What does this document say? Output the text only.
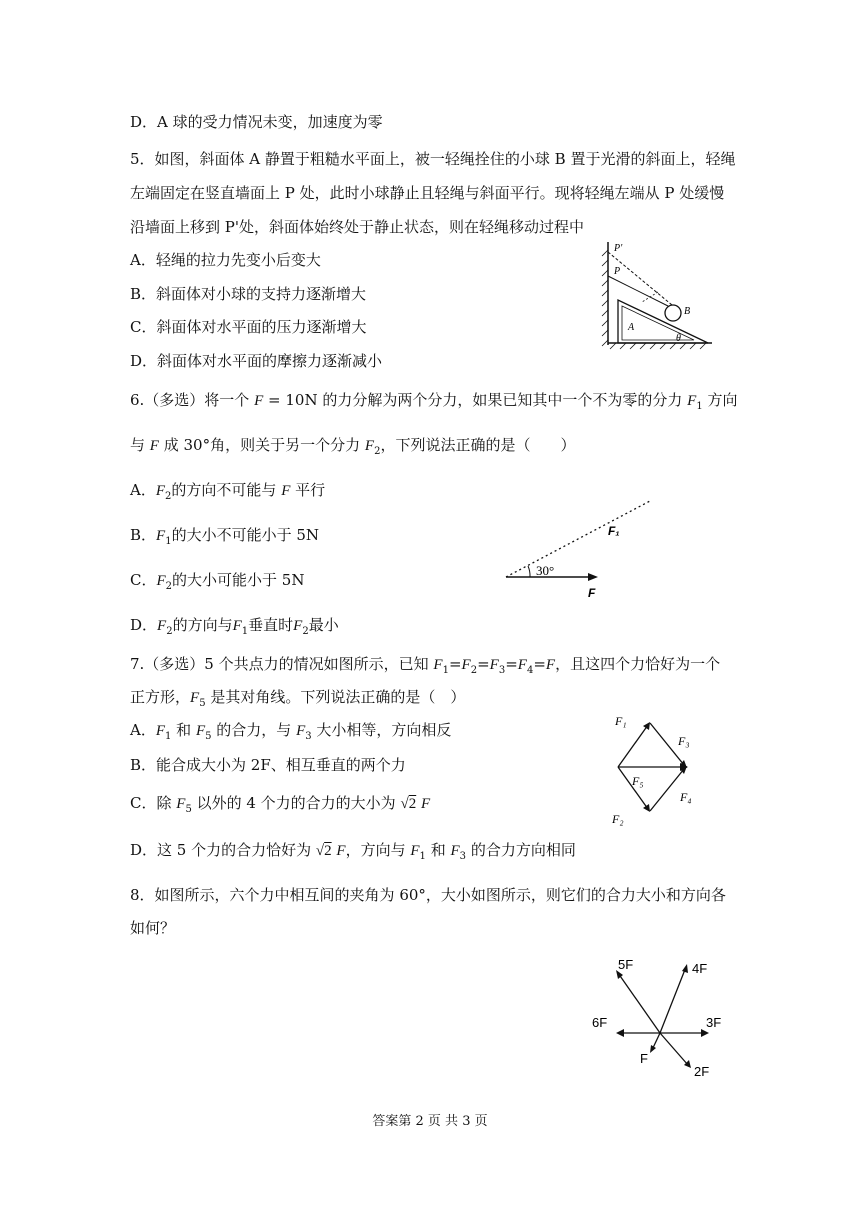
D．A 球的受力情况未变，加速度为零
5．如图，斜面体 A 静置于粗糙水平面上，被一轻绳拴住的小球 B 置于光滑的斜面上，轻绳
左端固定在竖直墙面上 P 处，此时小球静止且轻绳与斜面平行。现将轻绳左端从 P 处缓慢
沿墙面上移到 P'处，斜面体始终处于静止状态，则在轻绳移动过程中
A．轻绳的拉力先变小后变大
B．斜面体对小球的支持力逐渐增大
C．斜面体对水平面的压力逐渐增大
D．斜面体对水平面的摩擦力逐渐减小
P'
P
A
B
θ
6.（多选）将一个 F = 10N 的力分解为两个分力，如果已知其中一个不为零的分力 $F_1$ 方向
与 F 成 30°角，则关于另一个分力 $F_2$，下列说法正确的是（　　）
A．$F_2$的方向不可能与 F 平行
B．$F_1$的大小不可能小于 5N
C．$F_2$的大小可能小于 5N
D．$F_2$的方向与$F_1$垂直时$F_2$最小
30°
F
F₁
7.（多选）5 个共点力的情况如图所示，已知 $F_1=F_2=F_3=F_4=F$，且这四个力恰好为一个
正方形，$F_5$ 是其对角线。下列说法正确的是（　）
A．$F_1$ 和 $F_5$ 的合力，与 $F_3$ 大小相等，方向相反
B．能合成大小为 2F、相互垂直的两个力
C．除 $F_5$ 以外的 4 个力的合力的大小为 √2 F
D．这 5 个力的合力恰好为 √2 F，方向与 $F_1$ 和 $F_3$ 的合力方向相同
F₁
F₃
F₅
F₄
F₂
8．如图所示，六个力中相互间的夹角为 60°，大小如图所示，则它们的合力大小和方向各
如何？
5F	4F
6F	3F
F
2F
答案第 2 页 共 3 页
